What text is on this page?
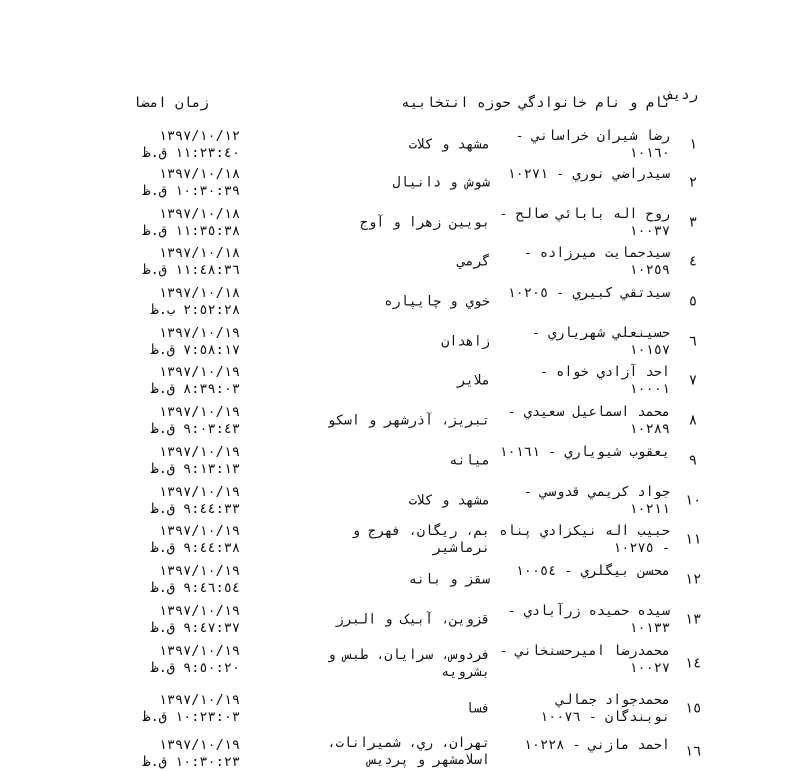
ردیف
نام و نام خانوادگي حوزه انتخابیه
زمان امضا
١
رضا شیران خراساني - ١٠١٦٠
مشهد و کلات
١٣٩٧/١٠/١٢
١١:٢٣:٤٠ ق.ظ
٢
سیدراضي نوري - ١٠٢٧١
شوش و دانیال
١٣٩٧/١٠/١٨
١٠:٣٠:٣٩ ق.ظ
٣
روح اله بابائي صالح - ١٠٠٣٧
بویین زهرا و آوج
١٣٩٧/١٠/١٨
١١:٣٥:٣٨ ق.ظ
٤
سیدحمایت میرزاده - ١٠٢٥٩
گرمي
١٣٩٧/١٠/١٨
١١:٤٨:٣٦ ق.ظ
٥
سیدتقي کبیري - ١٠٢٠٥
خوي و چایپاره
١٣٩٧/١٠/١٨
٢:٥٢:٢٨ ب.ظ
٦
حسینعلي شهریاري - ١٠١٥٧
زاهدان
١٣٩٧/١٠/١٩
٧:٥٨:١٧ ق.ظ
٧
احد آزادي خواه - ١٠٠٠١
ملایر
١٣٩٧/١٠/١٩
٨:٣٩:٠٣ ق.ظ
٨
محمد اسماعیل سعیدي - ١٠٢٨٩
تبریز، آذرشهر و اسکو
١٣٩٧/١٠/١٩
٩:٠٣:٤٣ ق.ظ
٩
یعقوب شیویاري - ١٠١٦١
میانه
١٣٩٧/١٠/١٩
٩:١٣:١٣ ق.ظ
١٠
جواد کریمي قدوسي - ١٠٢١١
مشهد و کلات
١٣٩٧/١٠/١٩
٩:٤٤:٣٣ ق.ظ
١١
حبیب اله نیکزادي پناه - ١٠٢٧٥
بم، ریگان، فهرج و نرماشیر
١٣٩٧/١٠/١٩
٩:٤٤:٣٨ ق.ظ
١٢
محسن بیگلري - ١٠٠٥٤
سقز و بانه
١٣٩٧/١٠/١٩
٩:٤٦:٥٤ ق.ظ
١٣
سیده حمیده زرآبادي - ١٠١٣٣
قزوین، آبیک و البرز
١٣٩٧/١٠/١٩
٩:٤٧:٣٧ ق.ظ
١٤
محمدرضا امیرحسنخاني - ١٠٠٢٧
فردوس، سرایان، طبس و بشرویه
١٣٩٧/١٠/١٩
٩:٥٠:٢٠ ق.ظ
١٥
محمدجواد جمالي نوبندگان - ١٠٠٧٦
فسا
١٣٩٧/١٠/١٩
١٠:٢٣:٠٣ ق.ظ
١٦
احمد مازني - ١٠٢٢٨
تهران، ري، شمیرانات، اسلامشهر و پردیس
١٣٩٧/١٠/١٩
١٠:٣٠:٢٣ ق.ظ
